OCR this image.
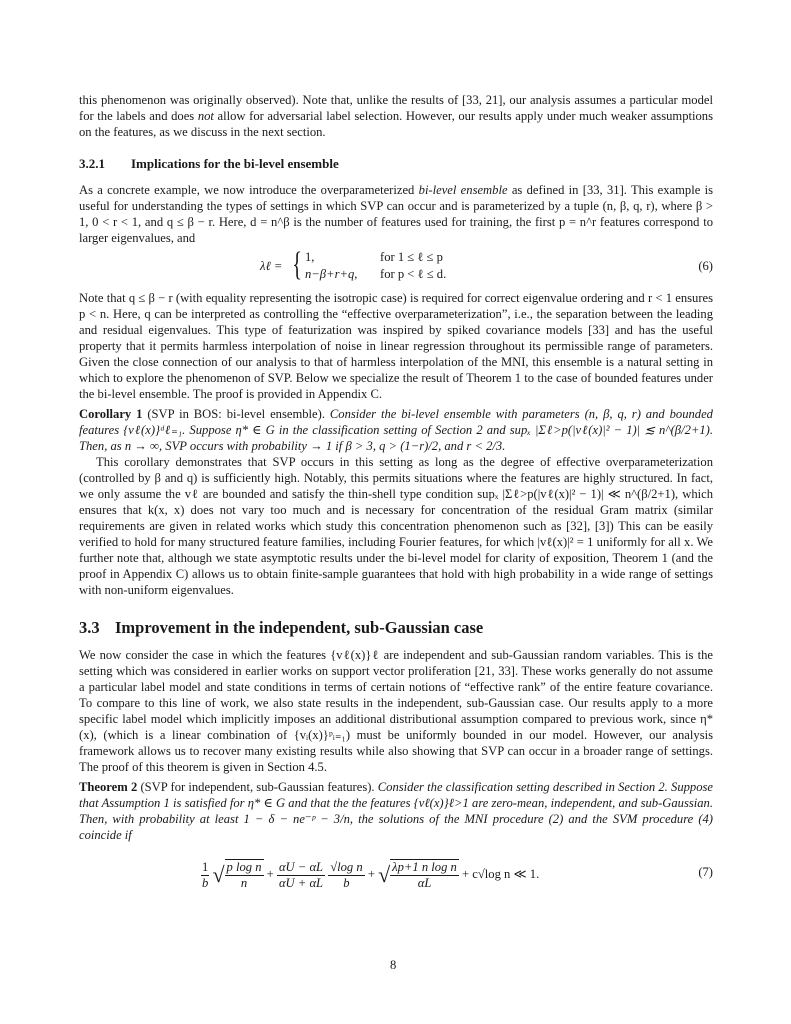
this phenomenon was originally observed). Note that, unlike the results of [33, 21], our analysis assumes a particular model for the labels and does not allow for adversarial label selection. However, our results apply under much weaker assumptions on the features, as we discuss in the next section.

3.2.1 Implications for the bi-level ensemble

As a concrete example, we now introduce the overparameterized bi-level ensemble as defined in [33, 31]. This example is useful for understanding the types of settings in which SVP can occur and is parameterized by a tuple (n, β, q, r), where β > 1, 0 < r < 1, and q ≤ β − r. Here, d = n^β is the number of features used for training, the first p = n^r features correspond to larger eigenvalues, and

λℓ = { 1,
n−β+r+q,
for 1 ≤ ℓ ≤ p
for p < ℓ ≤ d.
(6)

Note that q ≤ β − r (with equality representing the isotropic case) is required for correct eigenvalue ordering and r < 1 ensures p < n. Here, q can be interpreted as controlling the “effective overparameterization”, i.e., the separation between the leading and residual eigenvalues. This type of featurization was inspired by spiked covariance models [33] and has the useful property that it permits harmless interpolation of noise in linear regression throughout its permissible range of parameters. Given the close connection of our analysis to that of harmless interpolation of the MNI, this ensemble is a natural setting in which to explore the phenomenon of SVP. Below we specialize the result of Theorem 1 to the case of bounded features under the bi-level ensemble. The proof is provided in Appendix C.

Corollary 1 (SVP in BOS: bi-level ensemble). Consider the bi-level ensemble with parameters (n, β, q, r) and bounded features {vℓ(x)}ᵈℓ₌₁. Suppose η* ∈ G in the classification setting of Section 2 and supₓ |Σℓ>p(|vℓ(x)|² − 1)| ≲ n^(β/2+1). Then, as n → ∞, SVP occurs with probability → 1 if β > 3, q > (1−r)/2, and r < 2/3.

This corollary demonstrates that SVP occurs in this setting as long as the degree of effective overparameterization (controlled by β and q) is sufficiently high. Notably, this permits situations where the features are highly structured. In fact, we only assume the vℓ are bounded and satisfy the thin-shell type condition supₓ |Σℓ>p(|vℓ(x)|² − 1)| ≪ n^(β/2+1), which ensures that k(x, x) does not vary too much and is necessary for concentration of the residual Gram matrix (similar requirements are given in related works which study this concentration phenomenon such as [32], [3]) This can be easily verified to hold for many structured feature families, including Fourier features, for which |vℓ(x)|² = 1 uniformly for all x. We further note that, although we state asymptotic results under the bi-level model for clarity of exposition, Theorem 1 (and the proof in Appendix C) allows us to obtain finite-sample guarantees that hold with high probability in a wide range of settings with non-uniform eigenvalues.

3.3 Improvement in the independent, sub-Gaussian case

We now consider the case in which the features {vℓ(x)}ℓ are independent and sub-Gaussian random variables. This is the setting which was considered in earlier works on support vector proliferation [21, 33]. These works generally do not assume a particular label model and state conditions in terms of certain notions of “effective rank” of the entire feature covariance. To compare to this line of work, we also state results in the independent, sub-Gaussian case. Our results apply to a more specific label model which implicitly imposes an additional distributional assumption compared to previous work, since η*(x), (which is a linear combination of {vᵢ(x)}ᵖᵢ₌₁) must be uniformly bounded in our model. However, our analysis framework allows us to recover many existing results while also showing that SVP can occur in a broader range of settings. The proof of this theorem is given in Section 4.5.

Theorem 2 (SVP for independent, sub-Gaussian features). Consider the classification setting described in Section 2. Suppose that Assumption 1 is satisfied for η* ∈ G and that the the features {vℓ(x)}ℓ>1 are zero-mean, independent, and sub-Gaussian. Then, with probability at least 1 − δ − ne⁻ᵖ − 3/n, the solutions of the MNI procedure (2) and the SVM procedure (4) coincide if

$\frac{1}{b}$ √ $\frac{\text{p log n}}{n} + \frac{\alpha U - \alpha L}{\alpha U + \alpha L}$
$\frac{\text{√log n}}{b}$ + √ $\frac{\text{λp+1 n log n}}{\alpha L} + c√\log$ n ≪ 1.	(7)
8
